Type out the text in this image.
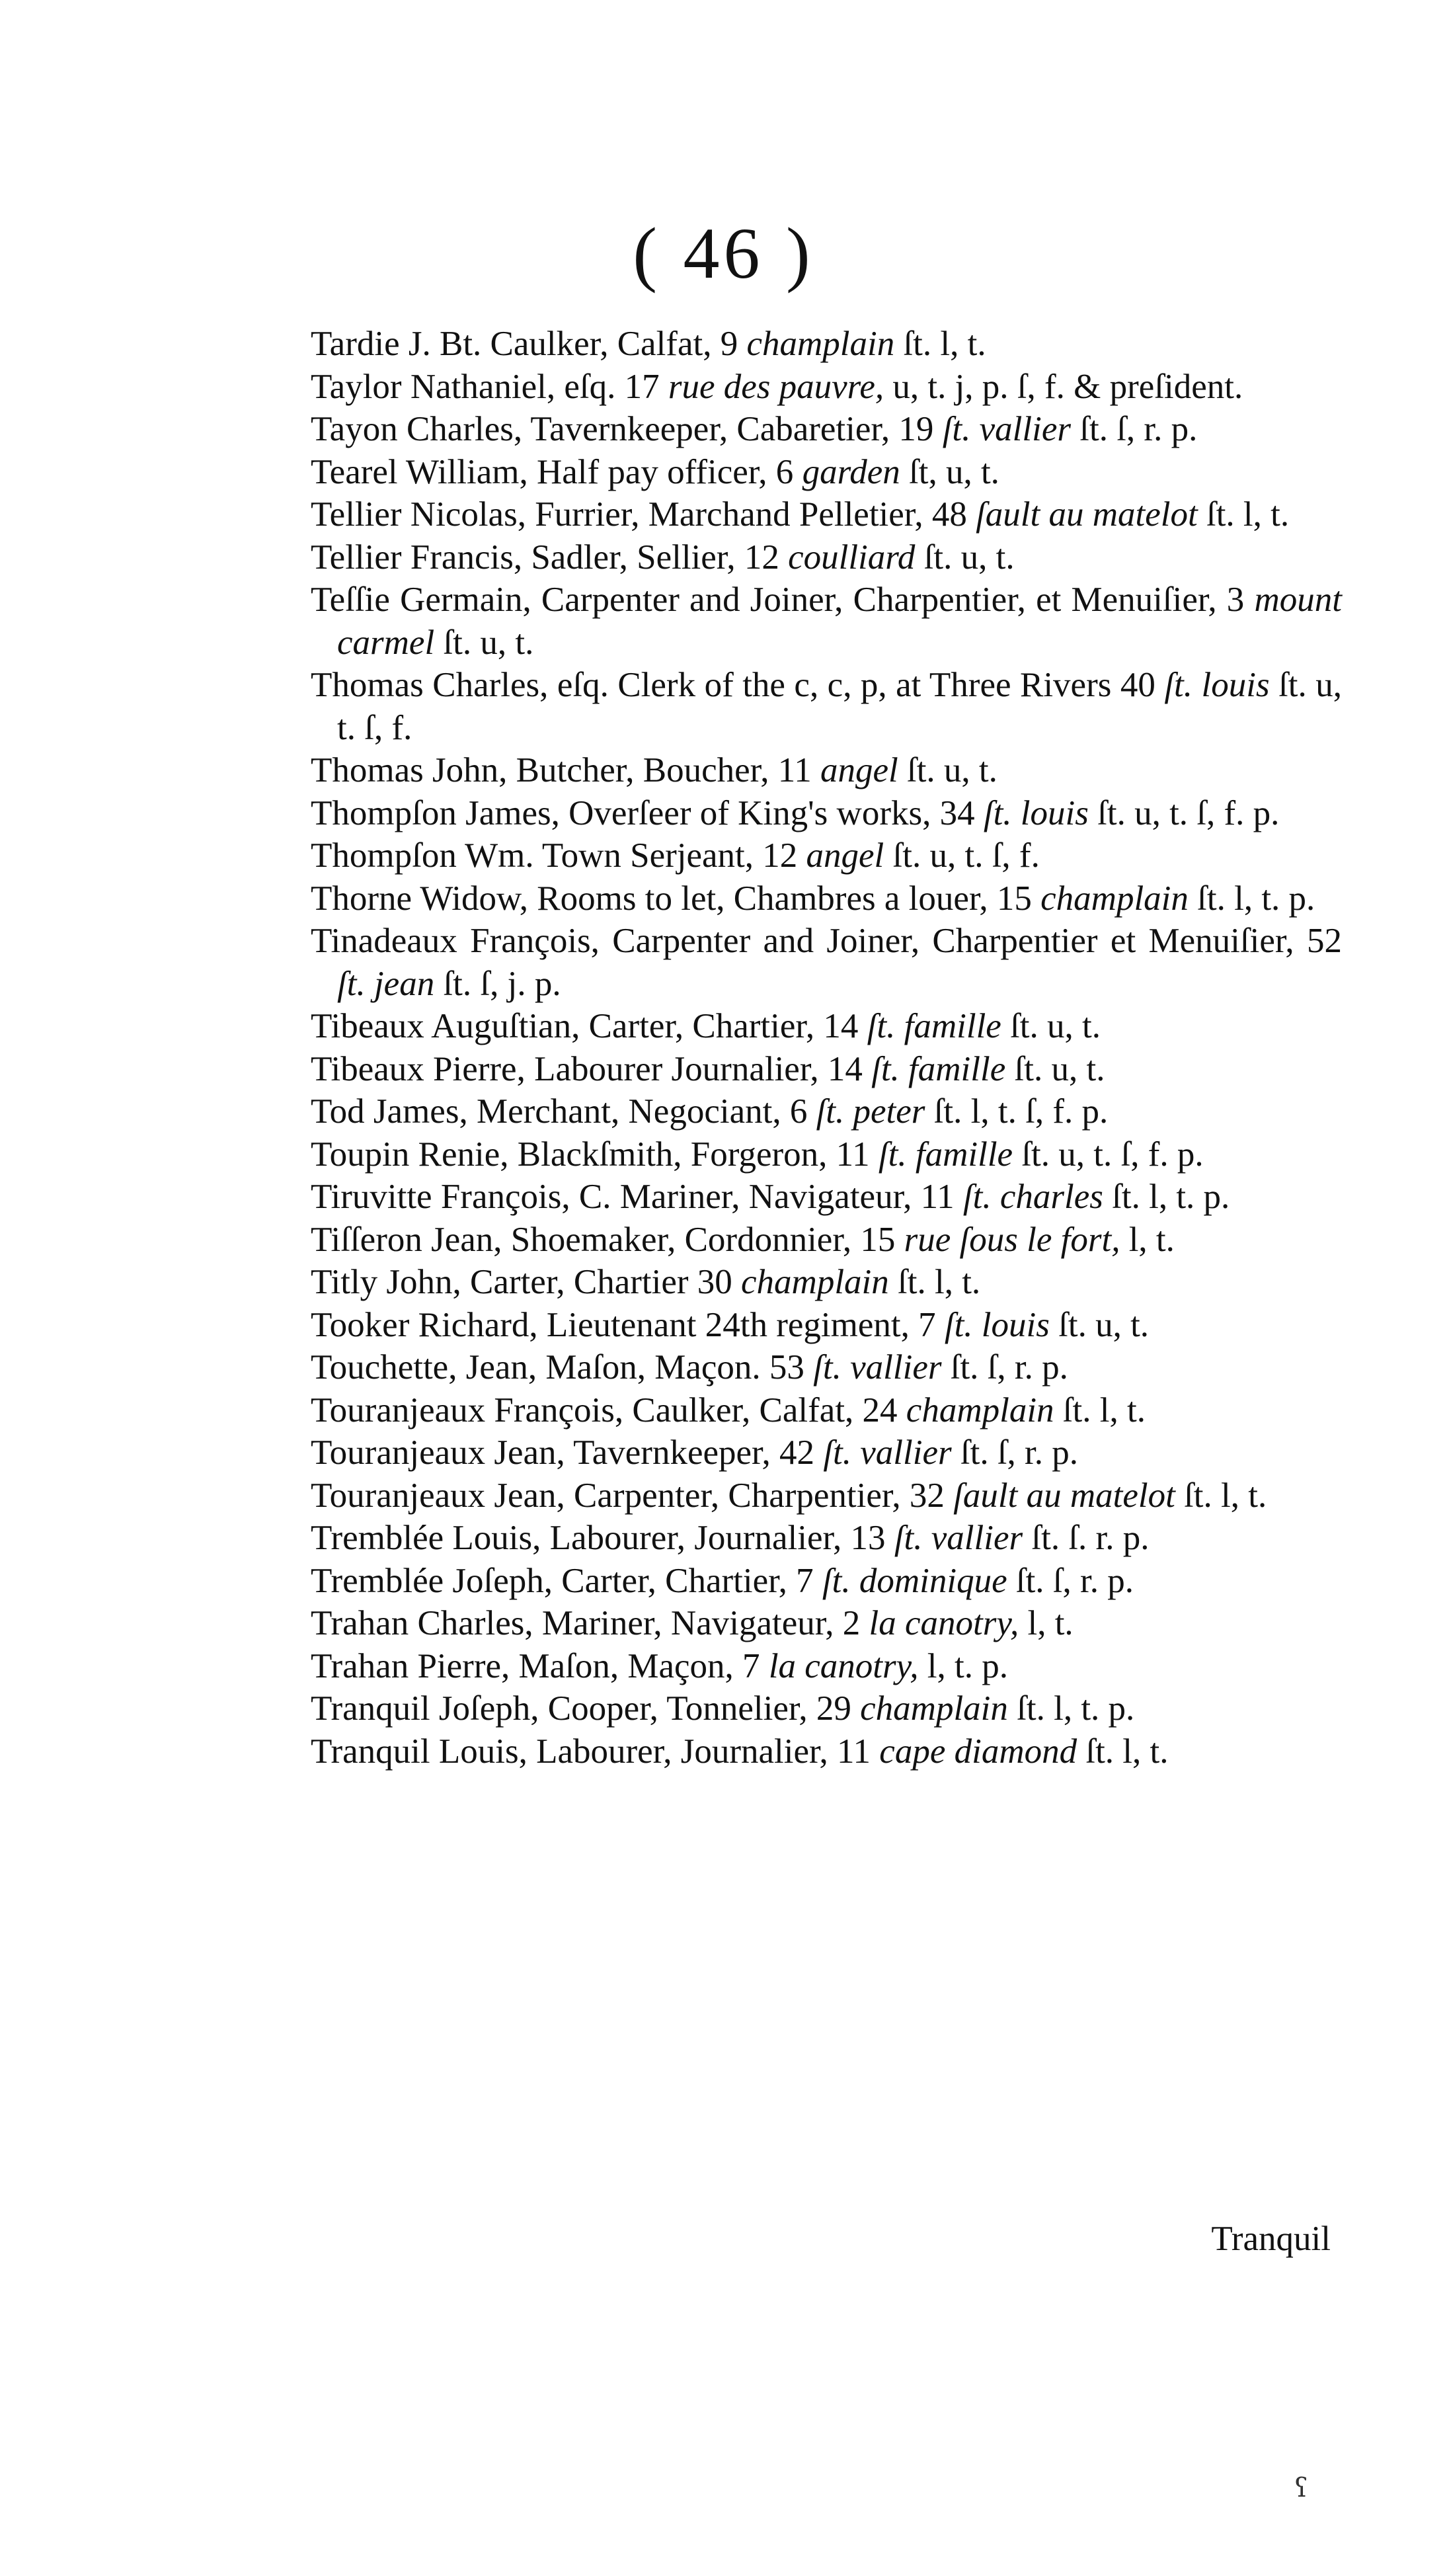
( 46 )

Tardie J. Bt. Caulker, Calfat, 9 champlain ſt. l, t.

Taylor Nathaniel, eſq. 17 rue des pauvre, u, t. j, p. ſ, f. & preſident.

Tayon Charles, Tavernkeeper, Cabaretier, 19 ſt. vallier ſt. ſ, r. p.

Tearel William, Half pay officer, 6 garden ſt, u, t.

Tellier Nicolas, Furrier, Marchand Pelletier, 48 ſault au matelot ſt. l, t.

Tellier Francis, Sadler, Sellier, 12 coulliard ſt. u, t.

Teſſie Germain, Carpenter and Joiner, Charpentier, et Menuiſier, 3 mount carmel ſt. u, t.

Thomas Charles, eſq. Clerk of the c, c, p, at Three Rivers 40 ſt. louis ſt. u, t. ſ, f.

Thomas John, Butcher, Boucher, 11 angel ſt. u, t.

Thompſon James, Overſeer of King's works, 34 ſt. louis ſt. u, t. ſ, f. p.

Thompſon Wm. Town Serjeant, 12 angel ſt. u, t. ſ, f.

Thorne Widow, Rooms to let, Chambres a louer, 15 champlain ſt. l, t. p.

Tinadeaux François, Carpenter and Joiner, Charpentier et Menuiſier, 52 ſt. jean ſt. ſ, j. p.

Tibeaux Auguſtian, Carter, Chartier, 14 ſt. famille ſt. u, t.

Tibeaux Pierre, Labourer Journalier, 14 ſt. famille ſt. u, t.

Tod James, Merchant, Negociant, 6 ſt. peter ſt. l, t. ſ, f. p.

Toupin Renie, Blackſmith, Forgeron, 11 ſt. famille ſt. u, t. ſ, f. p.

Tiruvitte François, C. Mariner, Navigateur, 11 ſt. charles ſt. l, t. p.

Tiſſeron Jean, Shoemaker, Cordonnier, 15 rue ſous le fort, l, t.

Titly John, Carter, Chartier 30 champlain ſt. l, t.

Tooker Richard, Lieutenant 24th regiment, 7 ſt. louis ſt. u, t.

Touchette, Jean, Maſon, Maçon. 53 ſt. vallier ſt. ſ, r. p.

Touranjeaux François, Caulker, Calfat, 24 champlain ſt. l, t.

Touranjeaux Jean, Tavernkeeper, 42 ſt. vallier ſt. ſ, r. p.

Touranjeaux Jean, Carpenter, Charpentier, 32 ſault au matelot ſt. l, t.

Tremblée Louis, Labourer, Journalier, 13 ſt. vallier ſt. ſ. r. p.

Tremblée Joſeph, Carter, Chartier, 7 ſt. dominique ſt. ſ, r. p.

Trahan Charles, Mariner, Navigateur, 2 la canotry, l, t.

Trahan Pierre, Maſon, Maçon, 7 la canotry, l, t. p.

Tranquil Joſeph, Cooper, Tonnelier, 29 champlain ſt. l, t. p.

Tranquil Louis, Labourer, Journalier, 11 cape diamond ſt. l, t.

Tranquil
ʕ
